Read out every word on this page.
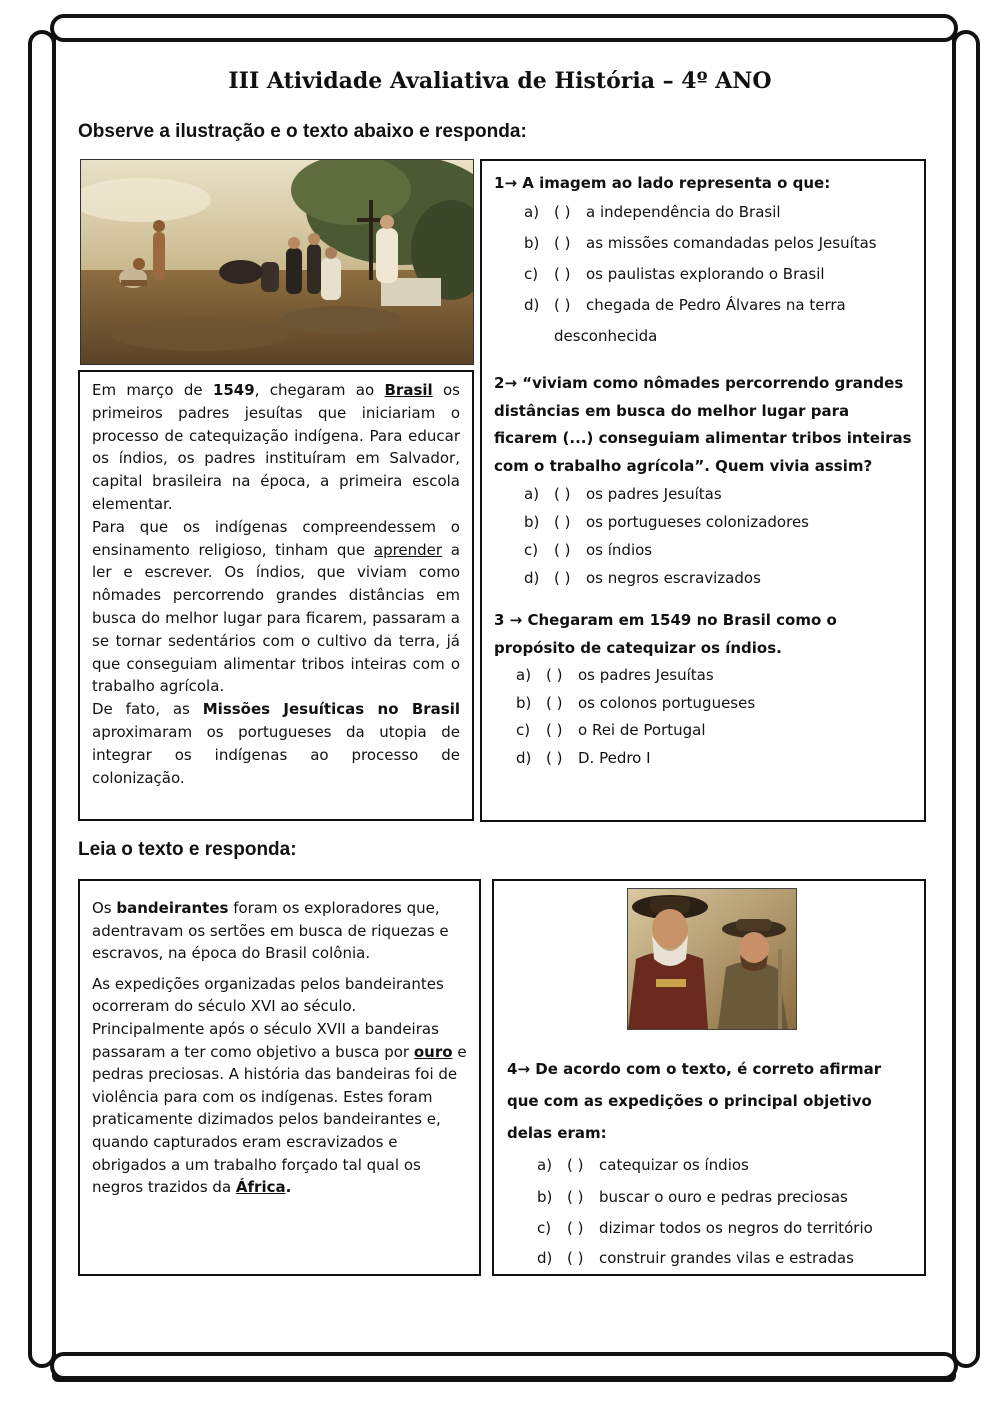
III Atividade Avaliativa de História – 4º ANO
Observe a ilustração e o texto abaixo e responda:

Em março de 1549, chegaram ao Brasil os primeiros padres jesuítas que iniciariam o processo de catequização indígena. Para educar os índios, os padres instituíram em Salvador, capital brasileira na época, a primeira escola elementar.

Para que os indígenas compreendessem o ensinamento religioso, tinham que aprender a ler e escrever. Os índios, que viviam como nômades percorrendo grandes distâncias em busca do melhor lugar para ficarem, passaram a se tornar sedentários com o cultivo da terra, já que conseguiam alimentar tribos inteiras com o trabalho agrícola.

De fato, as Missões Jesuíticas no Brasil aproximaram os portugueses da utopia de integrar os indígenas ao processo de colonização.

1→ A imagem ao lado representa o que:
a) ( ) a independência do Brasil
b) ( ) as missões comandadas pelos Jesuítas
c) ( ) os paulistas explorando o Brasil
d) ( ) chegada de Pedro Álvares na terra
desconhecida
2→ “viviam como nômades percorrendo grandes distâncias em busca do melhor lugar para ficarem (...) conseguiam alimentar tribos inteiras com o trabalho agrícola”. Quem vivia assim?
a) ( ) os padres Jesuítas
b) ( ) os portugueses colonizadores
c) ( ) os índios
d) ( ) os negros escravizados
3 → Chegaram em 1549 no Brasil como o propósito de catequizar os índios.
a) ( ) os padres Jesuítas
b) ( ) os colonos portugueses
c) ( ) o Rei de Portugal
d) ( ) D. Pedro I
Leia o texto e responda:

Os bandeirantes foram os exploradores que, adentravam os sertões em busca de riquezas e escravos, na época do Brasil colônia.

As expedições organizadas pelos bandeirantes ocorreram do século XVI ao século. Principalmente após o século XVII a bandeiras passaram a ter como objetivo a busca por ouro e pedras preciosas. A história das bandeiras foi de violência para com os indígenas. Estes foram praticamente dizimados pelos bandeirantes e, quando capturados eram escravizados e obrigados a um trabalho forçado tal qual os negros trazidos da África.

4→ De acordo com o texto, é correto afirmar que com as expedições o principal objetivo delas eram:
a) ( ) catequizar os índios
b) ( ) buscar o ouro e pedras preciosas
c) ( ) dizimar todos os negros do território
d) ( ) construir grandes vilas e estradas
